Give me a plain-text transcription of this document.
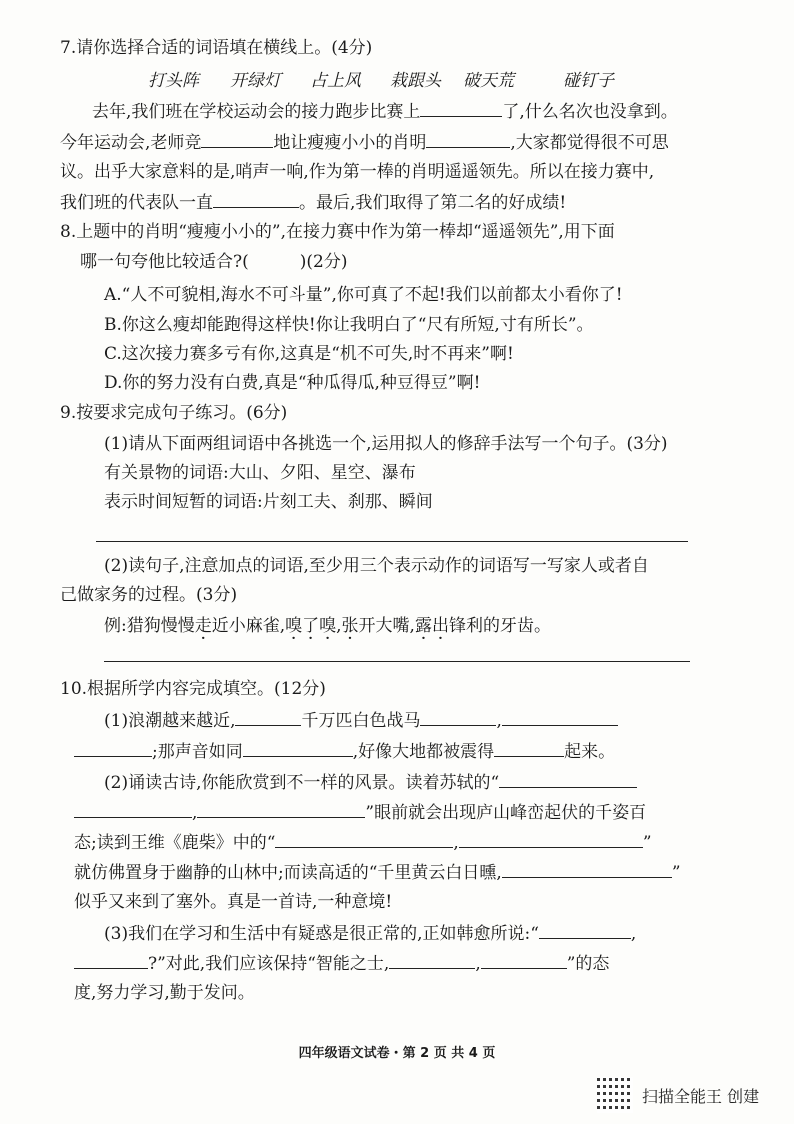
7.请你选择合适的词语填在横线上。(4分)
打头阵 开绿灯 占上风 栽跟头 破天荒	碰钉子
去年,我们班在学校运动会的接力跑步比赛上	了,什么名次也没拿到。
今年运动会,老师竞	地让瘦瘦小小的肖明	,大家都觉得很不可思
议。出乎大家意料的是,哨声一响,作为第一棒的肖明遥遥领先。所以在接力赛中,
我们班的代表队一直	。最后,我们取得了第二名的好成绩!
8.上题中的肖明“瘦瘦小小的”,在接力赛中作为第一棒却“遥遥领先”,用下面
哪一句夸他比较适合?(　　　)(2分)
A.“人不可貌相,海水不可斗量”,你可真了不起!我们以前都太小看你了!
B.你这么瘦却能跑得这样快!你让我明白了“尺有所短,寸有所长”。
C.这次接力赛多亏有你,这真是“机不可失,时不再来”啊!
D.你的努力没有白费,真是“种瓜得瓜,种豆得豆”啊!
9.按要求完成句子练习。(6分)
(1)请从下面两组词语中各挑选一个,运用拟人的修辞手法写一个句子。(3分)
有关景物的词语:大山、夕阳、星空、瀑布
表示时间短暂的词语:片刻工夫、刹那、瞬间
(2)读句子,注意加点的词语,至少用三个表示动作的词语写一写家人或者自
己做家务的过程。(3分)
例:猎狗慢慢走近小麻雀,嗅了嗅,张开大嘴,露出锋利的牙齿。
10.根据所学内容完成填空。(12分)
(1)浪潮越来越近,	千万匹白色战马	,
;那声音如同	,好像大地都被震得	起来。
(2)诵读古诗,你能欣赏到不一样的风景。读着苏轼的“
,	”眼前就会出现庐山峰峦起伏的千姿百
态;读到王维《鹿柴》中的“	,	”
就仿佛置身于幽静的山林中;而读高适的“千里黄云白日曛,	”
似乎又来到了塞外。真是一首诗,一种意境!
(3)我们在学习和生活中有疑惑是很正常的,正如韩愈所说:“	,
?”对此,我们应该保持“智能之士,	,	”的态
度,努力学习,勤于发问。
四年级语文试卷・第 2 页 共 4 页
扫描全能王 创建
